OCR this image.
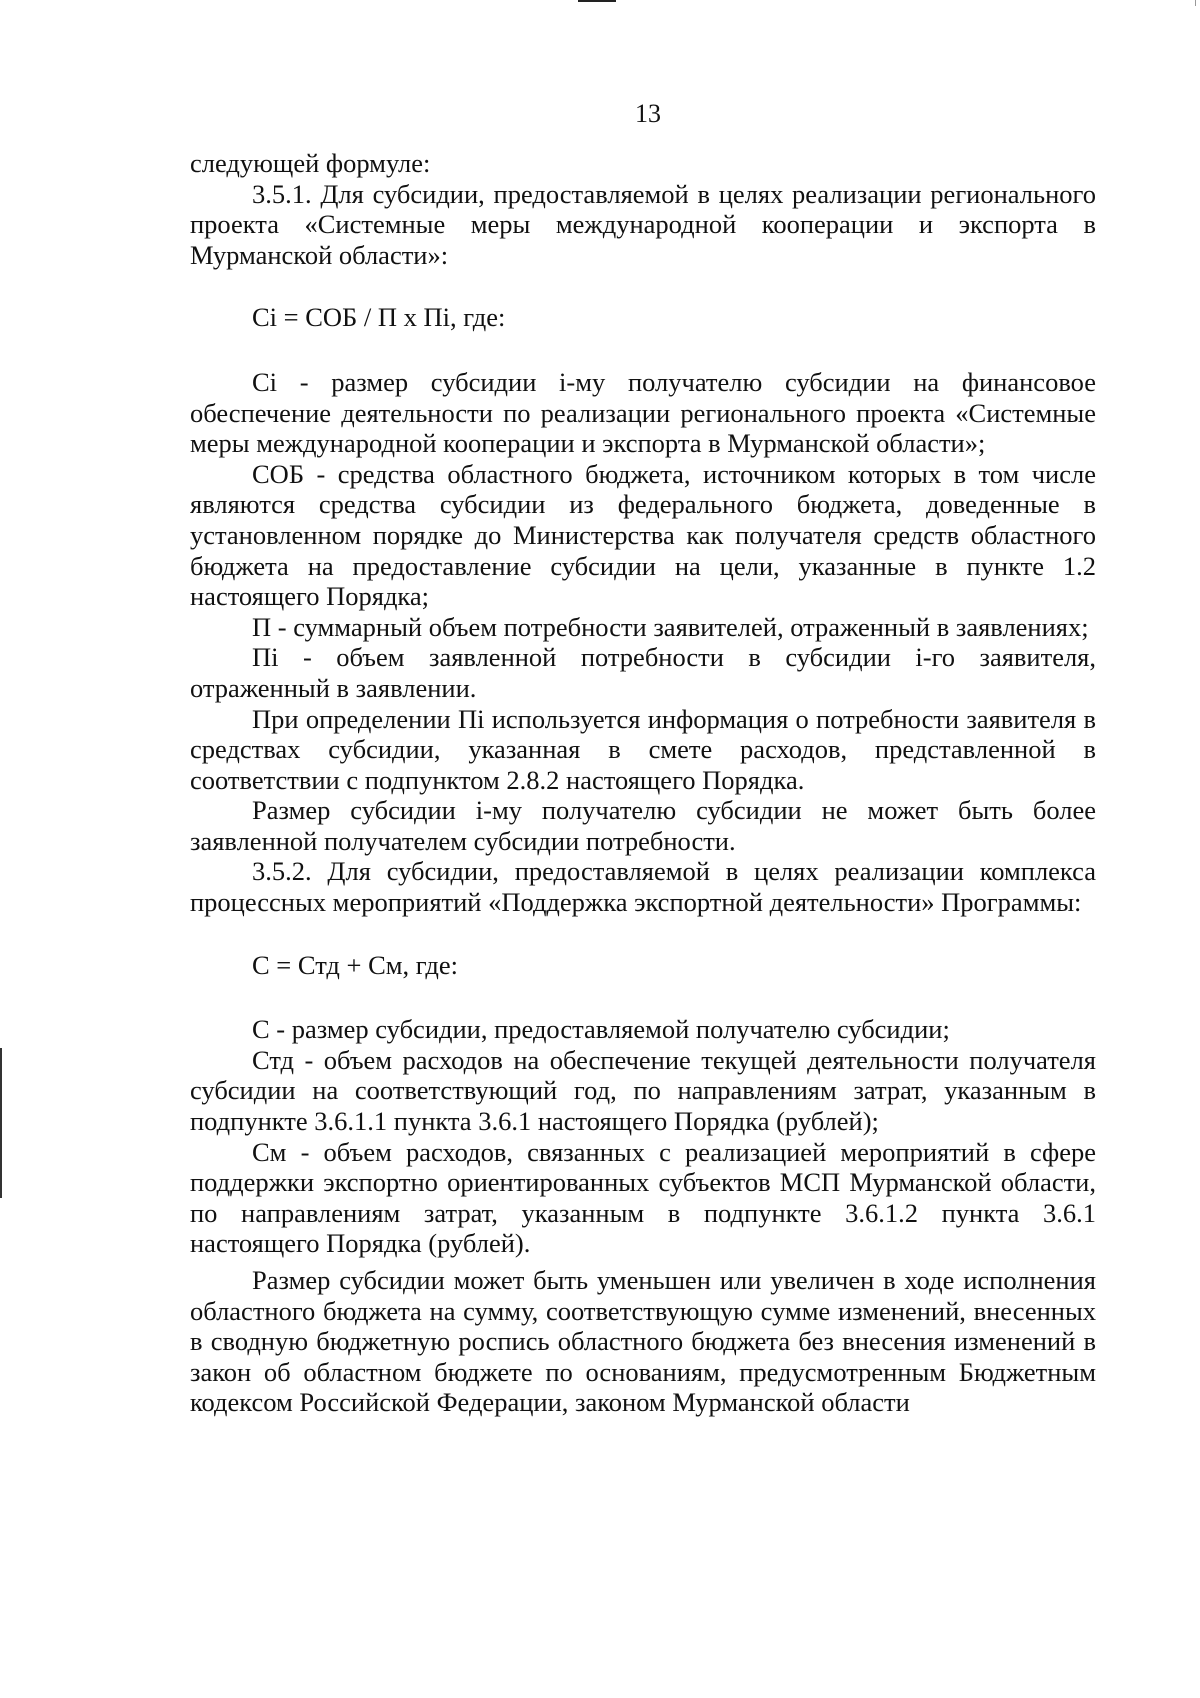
13

следующей формуле:

3.5.1. Для субсидии, предоставляемой в целях реализации регионального проекта «Системные меры международной кооперации и экспорта в Мурманской области»:

Ci = СОБ / П х Пi, где:

Ci - размер субсидии i-му получателю субсидии на финансовое обеспечение деятельности по реализации регионального проекта «Системные меры международной кооперации и экспорта в Мурманской области»;

СОБ - средства областного бюджета, источником которых в том числе являются средства субсидии из федерального бюджета, доведенные в установленном порядке до Министерства как получателя средств областного бюджета на предоставление субсидии на цели, указанные в пункте 1.2 настоящего Порядка;

П - суммарный объем потребности заявителей, отраженный в заявлениях;

Пi - объем заявленной потребности в субсидии i-го заявителя, отраженный в заявлении.

При определении Пi используется информация о потребности заявителя в средствах субсидии, указанная в смете расходов, представленной в соответствии с подпунктом 2.8.2 настоящего Порядка.

Размер субсидии i-му получателю субсидии не может быть более заявленной получателем субсидии потребности.

3.5.2. Для субсидии, предоставляемой в целях реализации комплекса процессных мероприятий «Поддержка экспортной деятельности» Программы:

С = Стд + См, где:

С - размер субсидии, предоставляемой получателю субсидии;

Стд - объем расходов на обеспечение текущей деятельности получателя субсидии на соответствующий год, по направлениям затрат, указанным в подпункте 3.6.1.1 пункта 3.6.1 настоящего Порядка (рублей);

См - объем расходов, связанных с реализацией мероприятий в сфере поддержки экспортно ориентированных субъектов МСП Мурманской области, по направлениям затрат, указанным в подпункте 3.6.1.2 пункта 3.6.1 настоящего Порядка (рублей).

Размер субсидии может быть уменьшен или увеличен в ходе исполнения областного бюджета на сумму, соответствующую сумме изменений, внесенных в сводную бюджетную роспись областного бюджета без внесения изменений в закон об областном бюджете по основаниям, предусмотренным Бюджетным кодексом Российской Федерации, законом Мурманской области
